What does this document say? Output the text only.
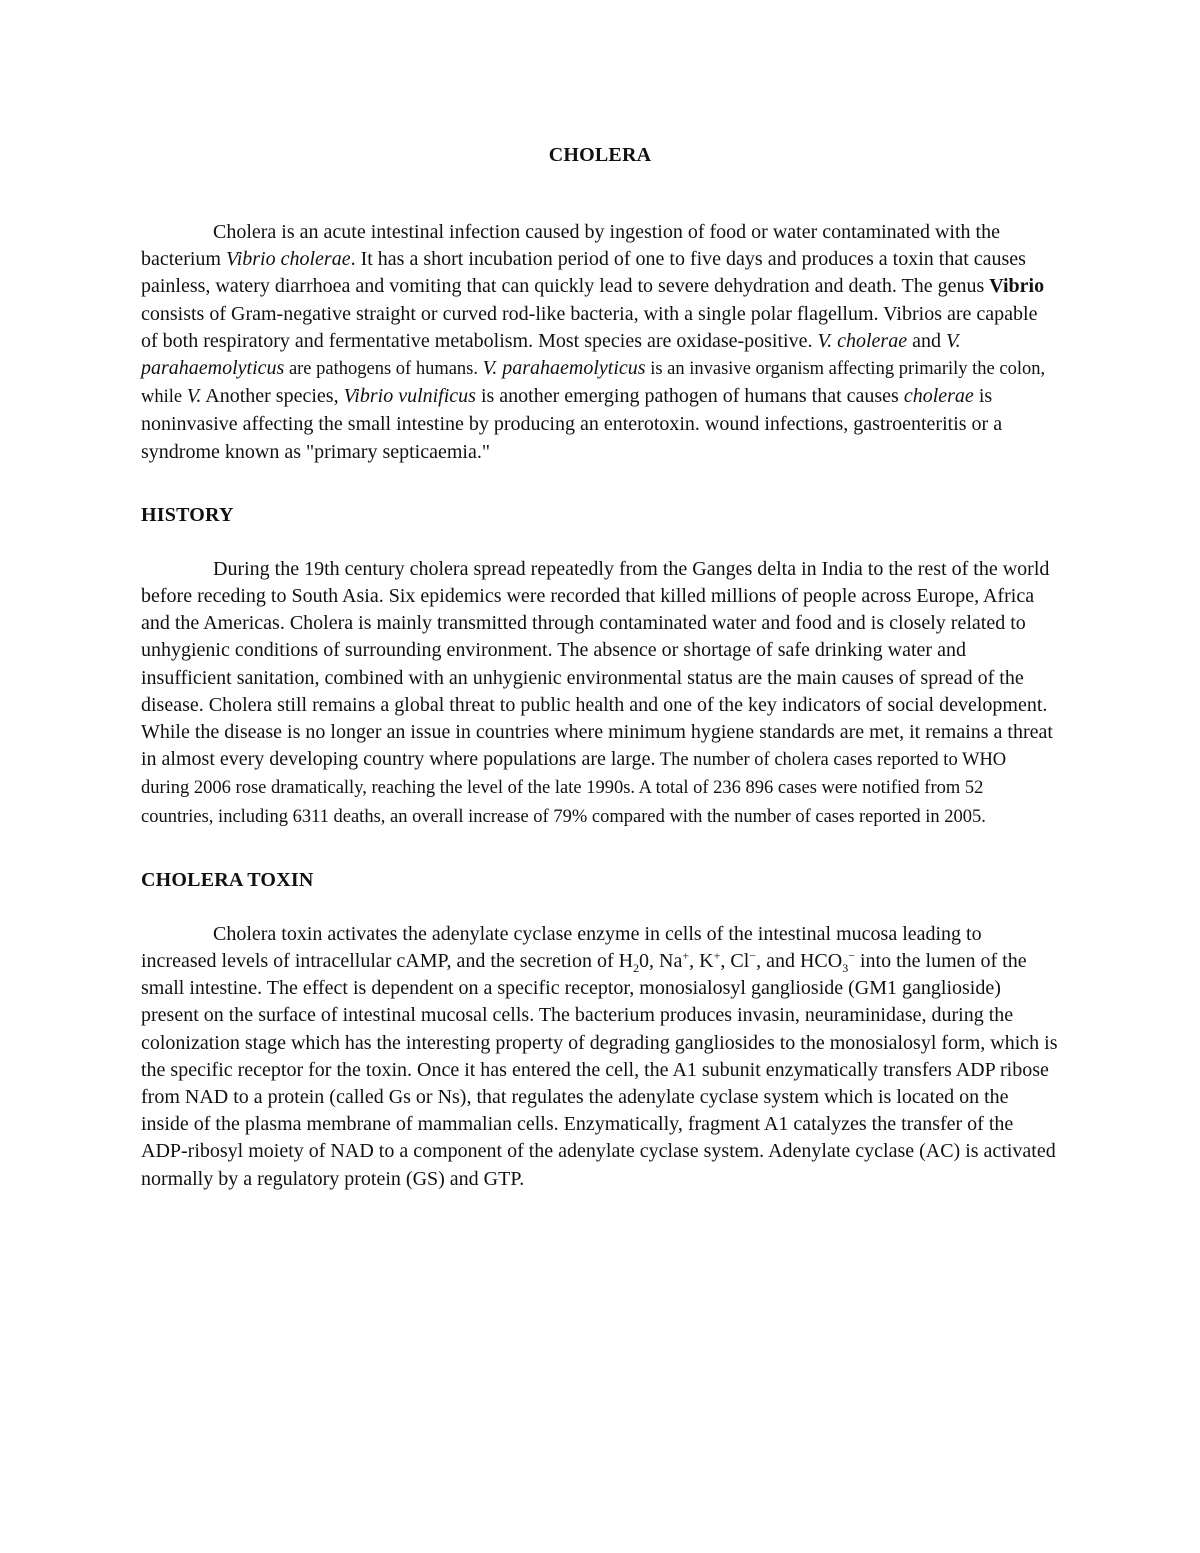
CHOLERA

Cholera is an acute intestinal infection caused by ingestion of food or water contaminated with the bacterium Vibrio cholerae. It has a short incubation period of one to five days and produces a toxin that causes painless, watery diarrhoea and vomiting that can quickly lead to severe dehydration and death. The genus Vibrio consists of Gram-negative straight or curved rod-like bacteria, with a single polar flagellum. Vibrios are capable of both respiratory and fermentative metabolism. Most species are oxidase-positive. V. cholerae and V. parahaemolyticus are pathogens of humans. V. parahaemolyticus is an invasive organism affecting primarily the colon, while V. Another species, Vibrio vulnificus is another emerging pathogen of humans that causes cholerae is noninvasive affecting the small intestine by producing an enterotoxin. wound infections, gastroenteritis or a syndrome known as "primary septicaemia."

HISTORY

During the 19th century cholera spread repeatedly from the Ganges delta in India to the rest of the world before receding to South Asia. Six epidemics were recorded that killed millions of people across Europe, Africa and the Americas. Cholera is mainly transmitted through contaminated water and food and is closely related to unhygienic conditions of surrounding environment. The absence or shortage of safe drinking water and insufficient sanitation, combined with an unhygienic environmental status are the main causes of spread of the disease. Cholera still remains a global threat to public health and one of the key indicators of social development. While the disease is no longer an issue in countries where minimum hygiene standards are met, it remains a threat in almost every developing country where populations are large. The number of cholera cases reported to WHO during 2006 rose dramatically, reaching the level of the late 1990s. A total of 236 896 cases were notified from 52 countries, including 6311 deaths, an overall increase of 79% compared with the number of cases reported in 2005.

CHOLERA TOXIN

Cholera toxin activates the adenylate cyclase enzyme in cells of the intestinal mucosa leading to increased levels of intracellular cAMP, and the secretion of $H_20$, Na+, K+, Cl−, and $HCO_3^-$ into the lumen of the small intestine. The effect is dependent on a specific receptor, monosialosyl ganglioside (GM1 ganglioside) present on the surface of intestinal mucosal cells. The bacterium produces invasin, neuraminidase, during the colonization stage which has the interesting property of degrading gangliosides to the monosialosyl form, which is the specific receptor for the toxin. Once it has entered the cell, the A1 subunit enzymatically transfers ADP ribose from NAD to a protein (called Gs or Ns), that regulates the adenylate cyclase system which is located on the inside of the plasma membrane of mammalian cells. Enzymatically, fragment A1 catalyzes the transfer of the ADP-ribosyl moiety of NAD to a component of the adenylate cyclase system. Adenylate cyclase (AC) is activated normally by a regulatory protein (GS) and GTP.
